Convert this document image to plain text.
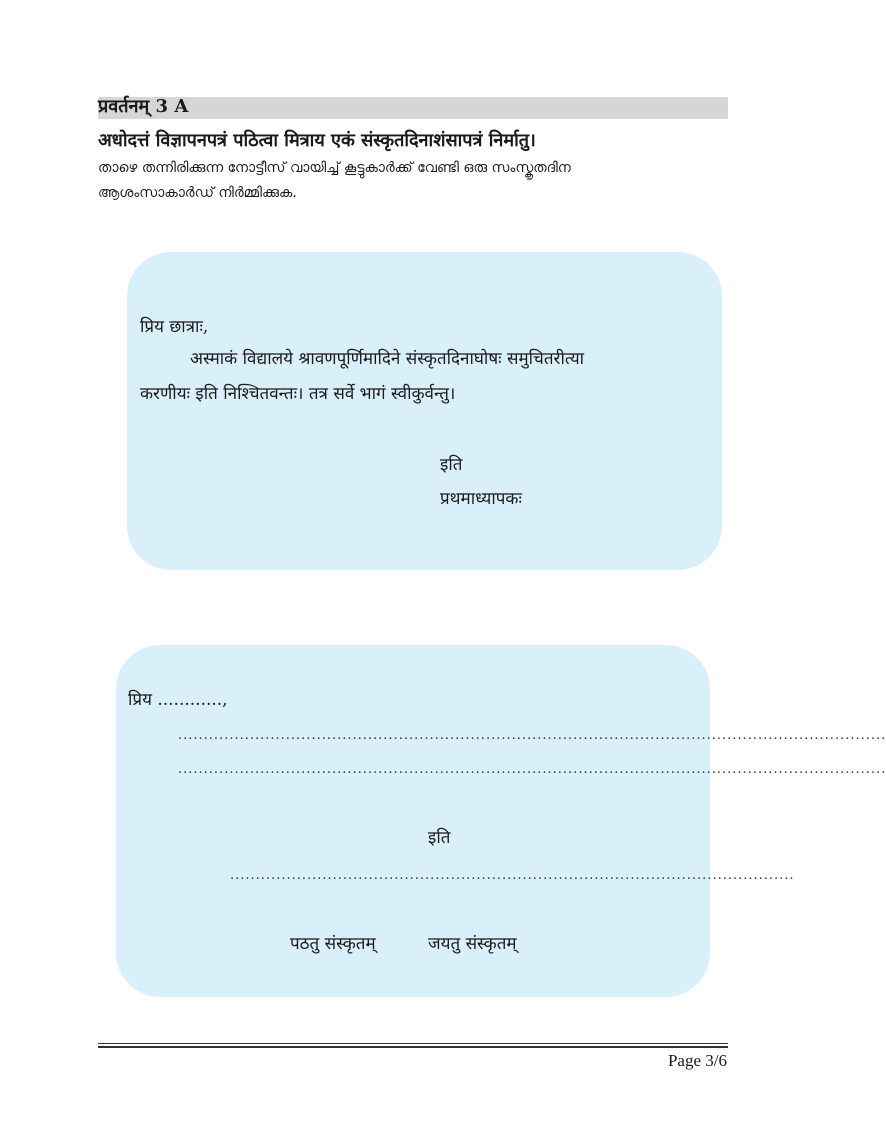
प्रवर्तनम् 3 A
अधोदत्तं विज्ञापनपत्रं पठित्वा मित्राय एकं संस्कृतदिनाशंसापत्रं निर्मातु।
താഴെ തന്നിരിക്കുന്ന നോട്ടീസ് വായിച്ച് കൂട്ടുകാർക്ക് വേണ്ടി ഒരു സംസ്കൃതദിന
ആശംസാകാർഡ് നിർമ്മിക്കുക.
प्रिय छात्राः,
अस्माकं विद्यालये श्रावणपूर्णिमादिने संस्कृतदिनाघोषः समुचितरीत्या
करणीयः इति निश्चितवन्तः। तत्र सर्वे भागं स्वीकुर्वन्तु।
इति
प्रथमाध्यापकः
प्रिय ............,
..........................................................................................................................................
..........................................................................................................................................
इति
..............................................................................................................
पठतु संस्कृतम्	जयतु संस्कृतम्
Page 3/6
